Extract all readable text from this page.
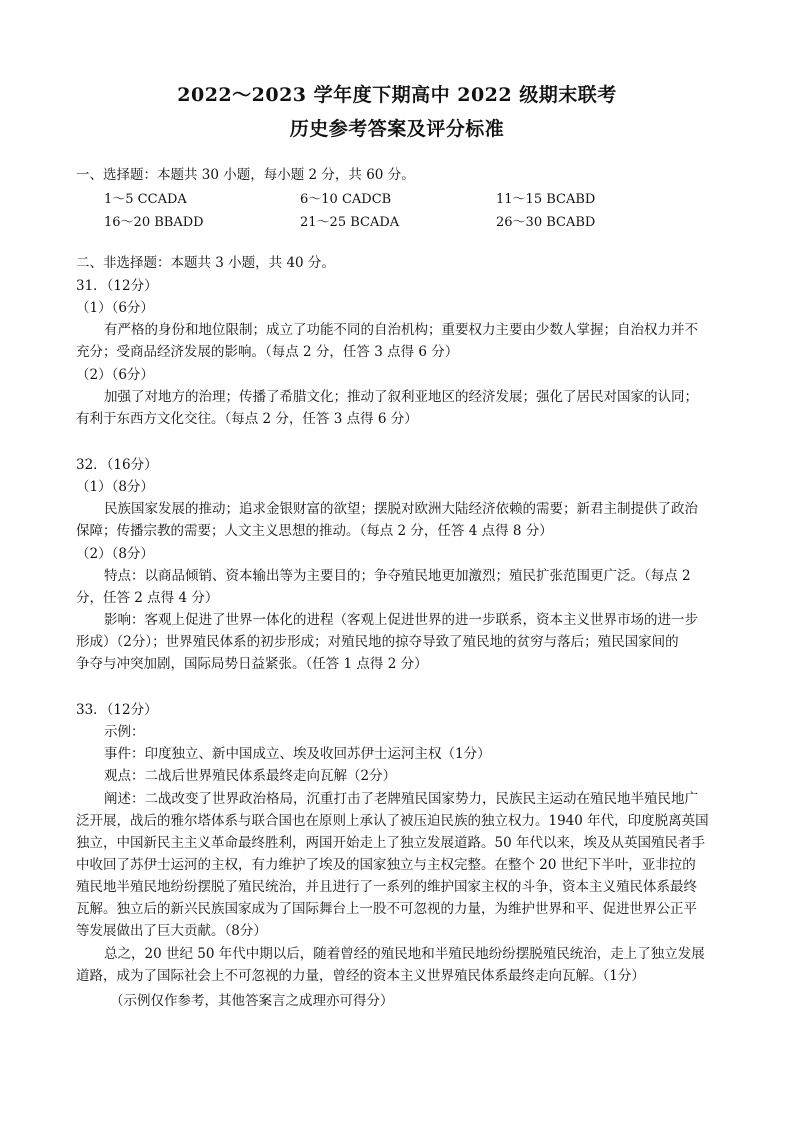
2022～2023 学年度下期高中 2022 级期末联考
历史参考答案及评分标准
一、选择题：本题共 30 小题，每小题 2 分，共 60 分。
1～5 CCADA	6～10 CADCB	11～15 BCABD
16～20 BBADD	21～25 BCADA	26～30 BCABD
二、非选择题：本题共 3 小题，共 40 分。
31．（12分）
（1）（6分）
有严格的身份和地位限制；成立了功能不同的自治机构；重要权力主要由少数人掌握；自治权力并不
充分；受商品经济发展的影响。（每点 2 分，任答 3 点得 6 分）
（2）（6分）
加强了对地方的治理；传播了希腊文化；推动了叙利亚地区的经济发展；强化了居民对国家的认同；
有利于东西方文化交往。（每点 2 分，任答 3 点得 6 分）
32．（16分）
（1）（8分）
民族国家发展的推动；追求金银财富的欲望；摆脱对欧洲大陆经济依赖的需要；新君主制提供了政治
保障；传播宗教的需要；人文主义思想的推动。（每点 2 分，任答 4 点得 8 分）
（2）（8分）
特点：以商品倾销、资本输出等为主要目的；争夺殖民地更加激烈；殖民扩张范围更广泛。（每点 2
分，任答 2 点得 4 分）
影响：客观上促进了世界一体化的进程（客观上促进世界的进一步联系，资本主义世界市场的进一步
形成）（2分）；世界殖民体系的初步形成；对殖民地的掠夺导致了殖民地的贫穷与落后；殖民国家间的
争夺与冲突加剧，国际局势日益紧张。（任答 1 点得 2 分）
33．（12分）
示例：
事件：印度独立、新中国成立、埃及收回苏伊士运河主权（1分）
观点：二战后世界殖民体系最终走向瓦解（2分）
阐述：二战改变了世界政治格局，沉重打击了老牌殖民国家势力，民族民主运动在殖民地半殖民地广
泛开展，战后的雅尔塔体系与联合国也在原则上承认了被压迫民族的独立权力。1940 年代，印度脱离英国
独立，中国新民主主义革命最终胜利，两国开始走上了独立发展道路。50 年代以来，埃及从英国殖民者手
中收回了苏伊士运河的主权，有力维护了埃及的国家独立与主权完整。在整个 20 世纪下半叶，亚非拉的
殖民地半殖民地纷纷摆脱了殖民统治，并且进行了一系列的维护国家主权的斗争，资本主义殖民体系最终
瓦解。独立后的新兴民族国家成为了国际舞台上一股不可忽视的力量，为维护世界和平、促进世界公正平
等发展做出了巨大贡献。（8分）
总之，20 世纪 50 年代中期以后，随着曾经的殖民地和半殖民地纷纷摆脱殖民统治，走上了独立发展
道路，成为了国际社会上不可忽视的力量，曾经的资本主义世界殖民体系最终走向瓦解。（1分）
（示例仅作参考，其他答案言之成理亦可得分）
